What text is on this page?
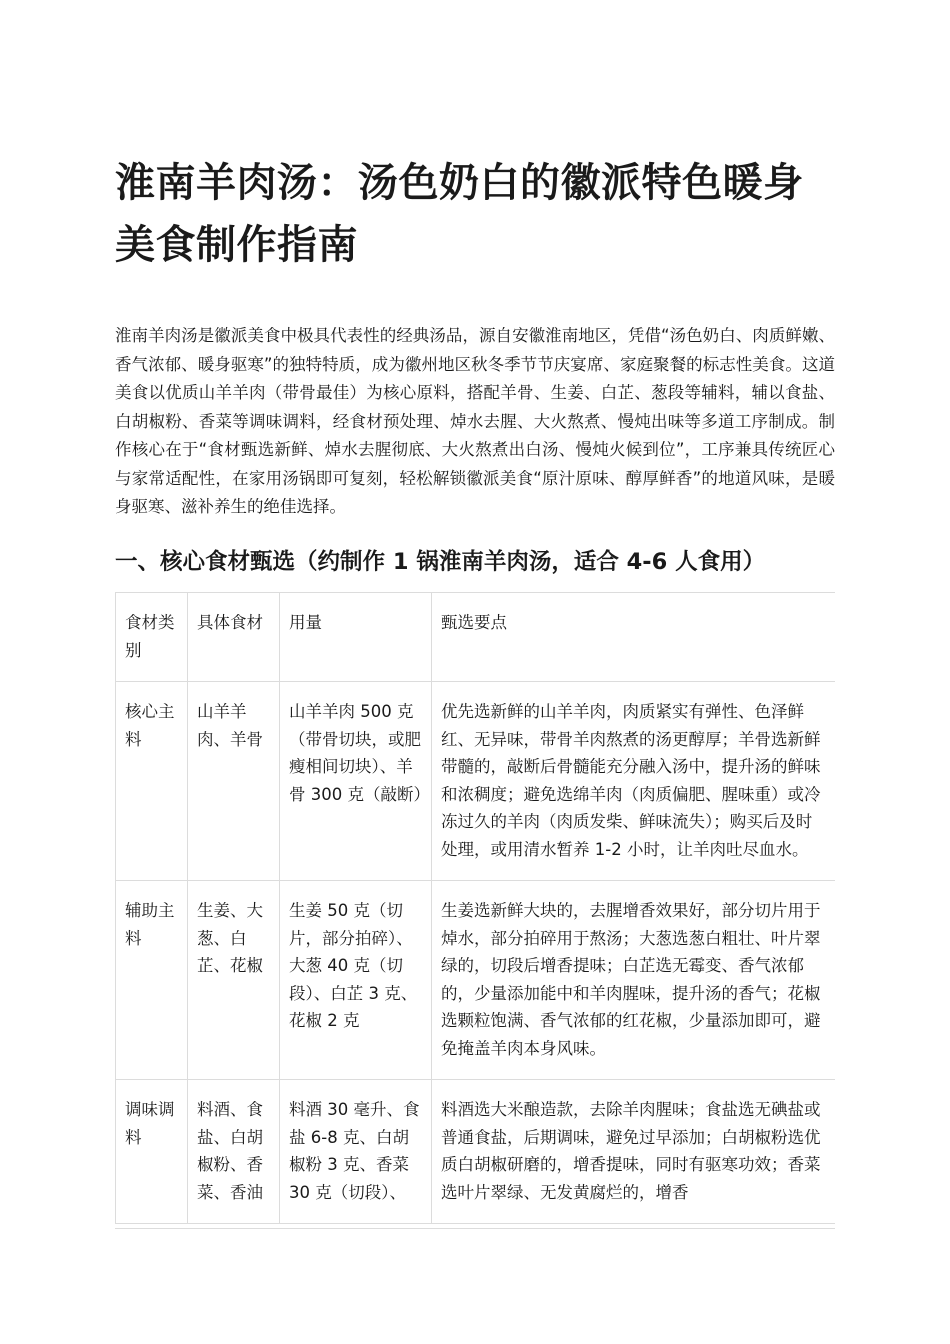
淮南羊肉汤：汤色奶白的徽派特色暖身美食制作指南

淮南羊肉汤是徽派美食中极具代表性的经典汤品，源自安徽淮南地区，凭借“汤色奶白、肉质鲜嫩、香气浓郁、暖身驱寒”的独特特质，成为徽州地区秋冬季节节庆宴席、家庭聚餐的标志性美食。这道美食以优质山羊羊肉（带骨最佳）为核心原料，搭配羊骨、生姜、白芷、葱段等辅料，辅以食盐、白胡椒粉、香菜等调味调料，经食材预处理、焯水去腥、大火熬煮、慢炖出味等多道工序制成。制作核心在于“食材甄选新鲜、焯水去腥彻底、大火熬煮出白汤、慢炖火候到位”，工序兼具传统匠心与家常适配性，在家用汤锅即可复刻，轻松解锁徽派美食“原汁原味、醇厚鲜香”的地道风味，是暖身驱寒、滋补养生的绝佳选择。

一、核心食材甄选（约制作 1 锅淮南羊肉汤，适合 4-6 人食用）
食材类别	具体食材	用量	甄选要点
核心主料	山羊羊肉、羊骨	山羊羊肉 500 克（带骨切块，或肥瘦相间切块）、羊骨 300 克（敲断）	优先选新鲜的山羊羊肉，肉质紧实有弹性、色泽鲜红、无异味，带骨羊肉熬煮的汤更醇厚；羊骨选新鲜带髓的，敲断后骨髓能充分融入汤中，提升汤的鲜味和浓稠度；避免选绵羊肉（肉质偏肥、腥味重）或冷冻过久的羊肉（肉质发柴、鲜味流失）；购买后及时处理，或用清水暂养 1-2 小时，让羊肉吐尽血水。
辅助主料	生姜、大葱、白芷、花椒	生姜 50 克（切片，部分拍碎）、大葱 40 克（切段）、白芷 3 克、花椒 2 克	生姜选新鲜大块的，去腥增香效果好，部分切片用于焯水，部分拍碎用于熬汤；大葱选葱白粗壮、叶片翠绿的，切段后增香提味；白芷选无霉变、香气浓郁的，少量添加能中和羊肉腥味，提升汤的香气；花椒选颗粒饱满、香气浓郁的红花椒，少量添加即可，避免掩盖羊肉本身风味。
调味调料	料酒、食盐、白胡椒粉、香菜、香油	料酒 30 毫升、食盐 6-8 克、白胡椒粉 3 克、香菜 30 克（切段）、	料酒选大米酿造款，去除羊肉腥味；食盐选无碘盐或普通食盐，后期调味，避免过早添加；白胡椒粉选优质白胡椒研磨的，增香提味，同时有驱寒功效；香菜选叶片翠绿、无发黄腐烂的，增香
